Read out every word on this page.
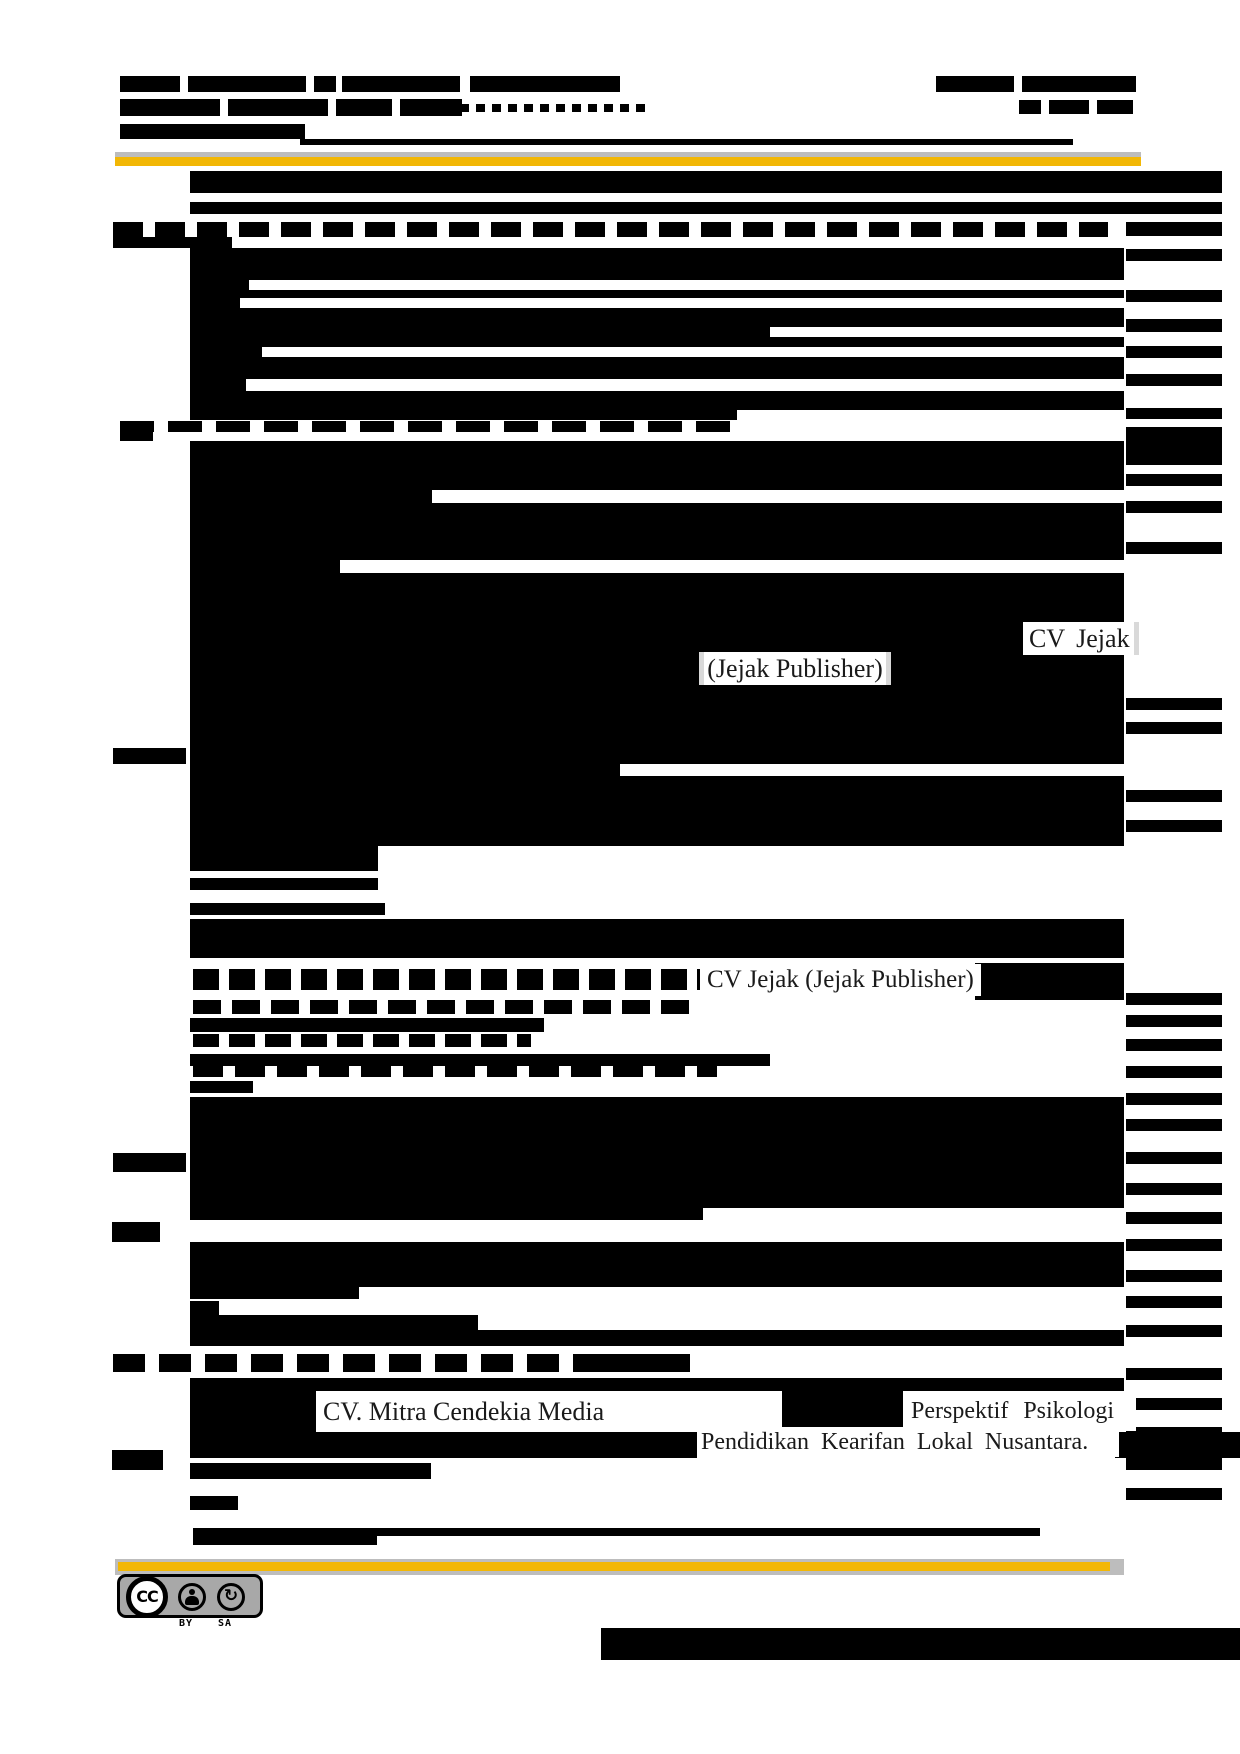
CV Jejak
(Jejak Publisher)
CV Jejak (Jejak Publisher)
CV. Mitra Cendekia Media	Perspektif Psikologi
Pendidikan Kearifan Lokal Nusantara.
CC	↻
BY	SA
